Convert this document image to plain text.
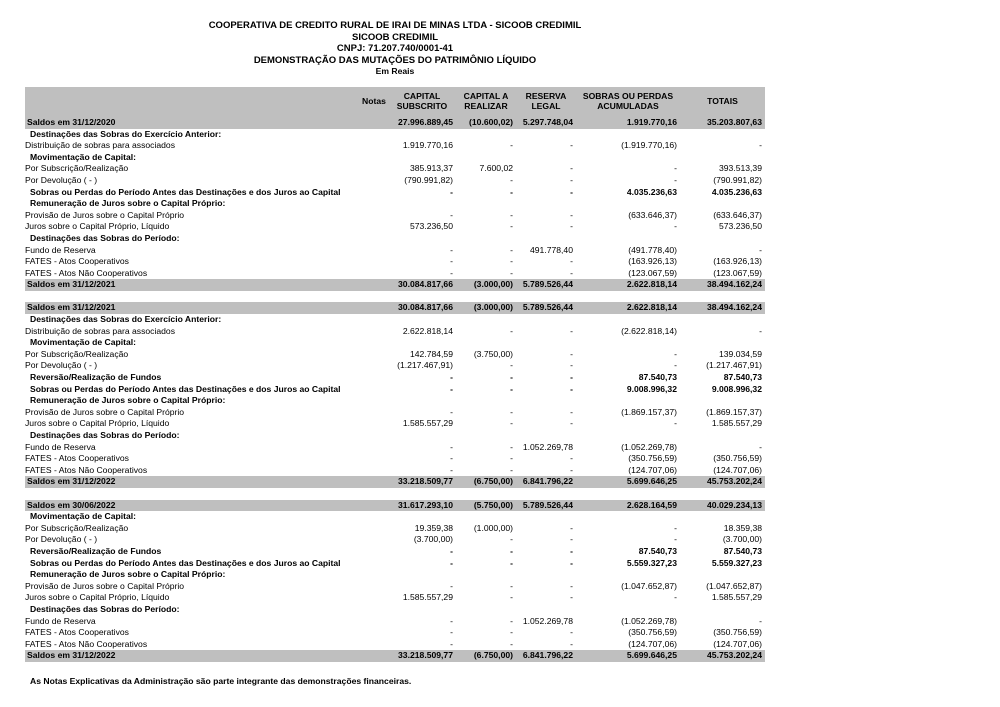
COOPERATIVA DE CREDITO RURAL DE IRAI DE MINAS LTDA - SICOOB CREDIMIL
SICOOB CREDIMIL
CNPJ: 71.207.740/0001-41
DEMONSTRAÇÃO DAS MUTAÇÕES DO PATRIMÔNIO LÍQUIDO
Em Reais
	Notas	CAPITAL SUBSCRITO	CAPITAL A REALIZAR	RESERVA LEGAL	SOBRAS OU PERDAS ACUMULADAS	TOTAIS
Saldos em 31/12/2020		27.996.889,45	(10.600,02)	5.297.748,04	1.919.770,16	35.203.807,63
Destinações das Sobras do Exercício Anterior:						
Distribuição de sobras para associados		1.919.770,16	-	-	(1.919.770,16)	-
Movimentação de Capital:						
Por Subscrição/Realização		385.913,37	7.600,02	-	-	393.513,39
Por Devolução ( - )		(790.991,82)	-	-	-	(790.991,82)
Sobras ou Perdas do Período Antes das Destinações e dos Juros ao Capital		-	-	-	4.035.236,63	4.035.236,63
Remuneração de Juros sobre o Capital Próprio:						
Provisão de Juros sobre o Capital Próprio		-	-	-	(633.646,37)	(633.646,37)
Juros sobre o Capital Próprio, Líquido		573.236,50	-	-	-	573.236,50
Destinações das Sobras do Período:						
Fundo de Reserva		-	-	491.778,40	(491.778,40)	-
FATES - Atos Cooperativos		-	-	-	(163.926,13)	(163.926,13)
FATES - Atos Não Cooperativos		-	-	-	(123.067,59)	(123.067,59)
Saldos em 31/12/2021		30.084.817,66	(3.000,00)	5.789.526,44	2.622.818,14	38.494.162,24

Saldos em 31/12/2021		30.084.817,66	(3.000,00)	5.789.526,44	2.622.818,14	38.494.162,24
Destinações das Sobras do Exercício Anterior:						
Distribuição de sobras para associados		2.622.818,14	-	-	(2.622.818,14)	-
Movimentação de Capital:						
Por Subscrição/Realização		142.784,59	(3.750,00)	-	-	139.034,59
Por Devolução ( - )		(1.217.467,91)	-	-	-	(1.217.467,91)
Reversão/Realização de Fundos		-	-	-	87.540,73	87.540,73
Sobras ou Perdas do Período Antes das Destinações e dos Juros ao Capital		-	-	-	9.008.996,32	9.008.996,32
Remuneração de Juros sobre o Capital Próprio:						
Provisão de Juros sobre o Capital Próprio		-	-	-	(1.869.157,37)	(1.869.157,37)
Juros sobre o Capital Próprio, Líquido		1.585.557,29	-	-	-	1.585.557,29
Destinações das Sobras do Período:						
Fundo de Reserva		-	-	1.052.269,78	(1.052.269,78)	-
FATES - Atos Cooperativos		-	-	-	(350.756,59)	(350.756,59)
FATES - Atos Não Cooperativos		-	-	-	(124.707,06)	(124.707,06)
Saldos em 31/12/2022		33.218.509,77	(6.750,00)	6.841.796,22	5.699.646,25	45.753.202,24

Saldos em 30/06/2022		31.617.293,10	(5.750,00)	5.789.526,44	2.628.164,59	40.029.234,13
Movimentação de Capital:						
Por Subscrição/Realização		19.359,38	(1.000,00)	-	-	18.359,38
Por Devolução ( - )		(3.700,00)	-	-	-	(3.700,00)
Reversão/Realização de Fundos		-	-	-	87.540,73	87.540,73
Sobras ou Perdas do Período Antes das Destinações e dos Juros ao Capital		-	-	-	5.559.327,23	5.559.327,23
Remuneração de Juros sobre o Capital Próprio:						
Provisão de Juros sobre o Capital Próprio		-	-	-	(1.047.652,87)	(1.047.652,87)
Juros sobre o Capital Próprio, Líquido		1.585.557,29	-	-	-	1.585.557,29
Destinações das Sobras do Período:						
Fundo de Reserva		-	-	1.052.269,78	(1.052.269,78)	-
FATES - Atos Cooperativos		-	-	-	(350.756,59)	(350.756,59)
FATES - Atos Não Cooperativos		-	-	-	(124.707,06)	(124.707,06)
Saldos em 31/12/2022		33.218.509,77	(6.750,00)	6.841.796,22	5.699.646,25	45.753.202,24
As Notas Explicativas da Administração são parte integrante das demonstrações financeiras.
